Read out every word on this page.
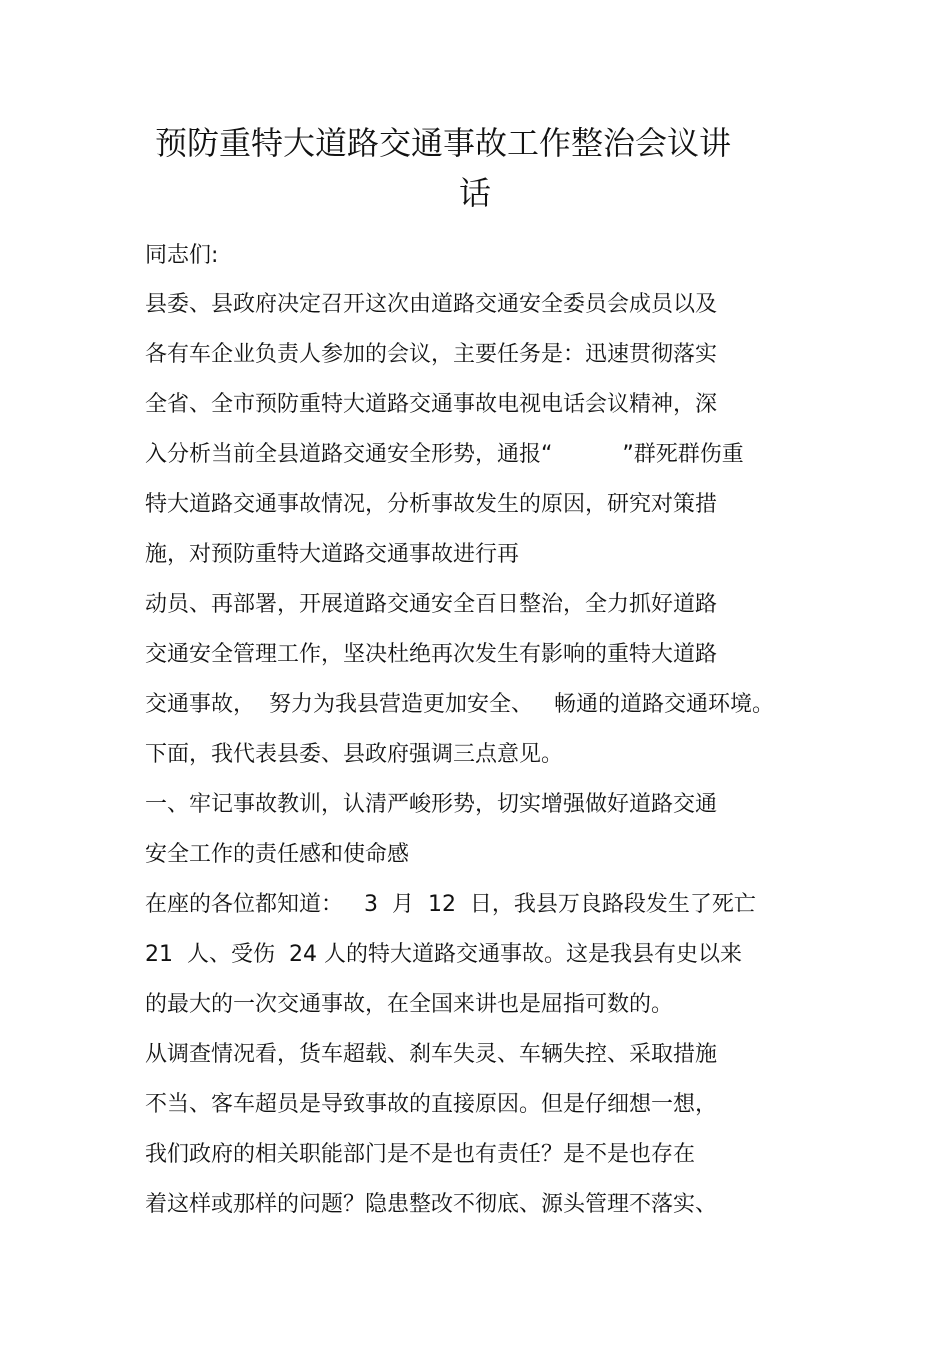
预防重特大道路交通事故工作整治会议讲
话
同志们:
县委、县政府决定召开这次由道路交通安全委员会成员以及
各有车企业负责人参加的会议，主要任务是：迅速贯彻落实
全省、全市预防重特大道路交通事故电视电话会议精神，深
入分析当前全县道路交通安全形势，通报“          ”群死群伤重
特大道路交通事故情况，分析事故发生的原因，研究对策措
施，对预防重特大道路交通事故进行再
动员、再部署，开展道路交通安全百日整治，全力抓好道路
交通安全管理工作，坚决杜绝再次发生有影响的重特大道路
交通事故，  努力为我县营造更加安全、   畅通的道路交通环境。
下面，我代表县委、县政府强调三点意见。
一、牢记事故教训，认清严峻形势，切实增强做好道路交通
安全工作的责任感和使命感
在座的各位都知道：   3  月  12  日，我县万良路段发生了死亡
21  人、受伤  24 人的特大道路交通事故。这是我县有史以来
的最大的一次交通事故，在全国来讲也是屈指可数的。
从调查情况看，货车超载、刹车失灵、车辆失控、采取措施
不当、客车超员是导致事故的直接原因。但是仔细想一想，
我们政府的相关职能部门是不是也有责任？是不是也存在
着这样或那样的问题？隐患整改不彻底、源头管理不落实、
